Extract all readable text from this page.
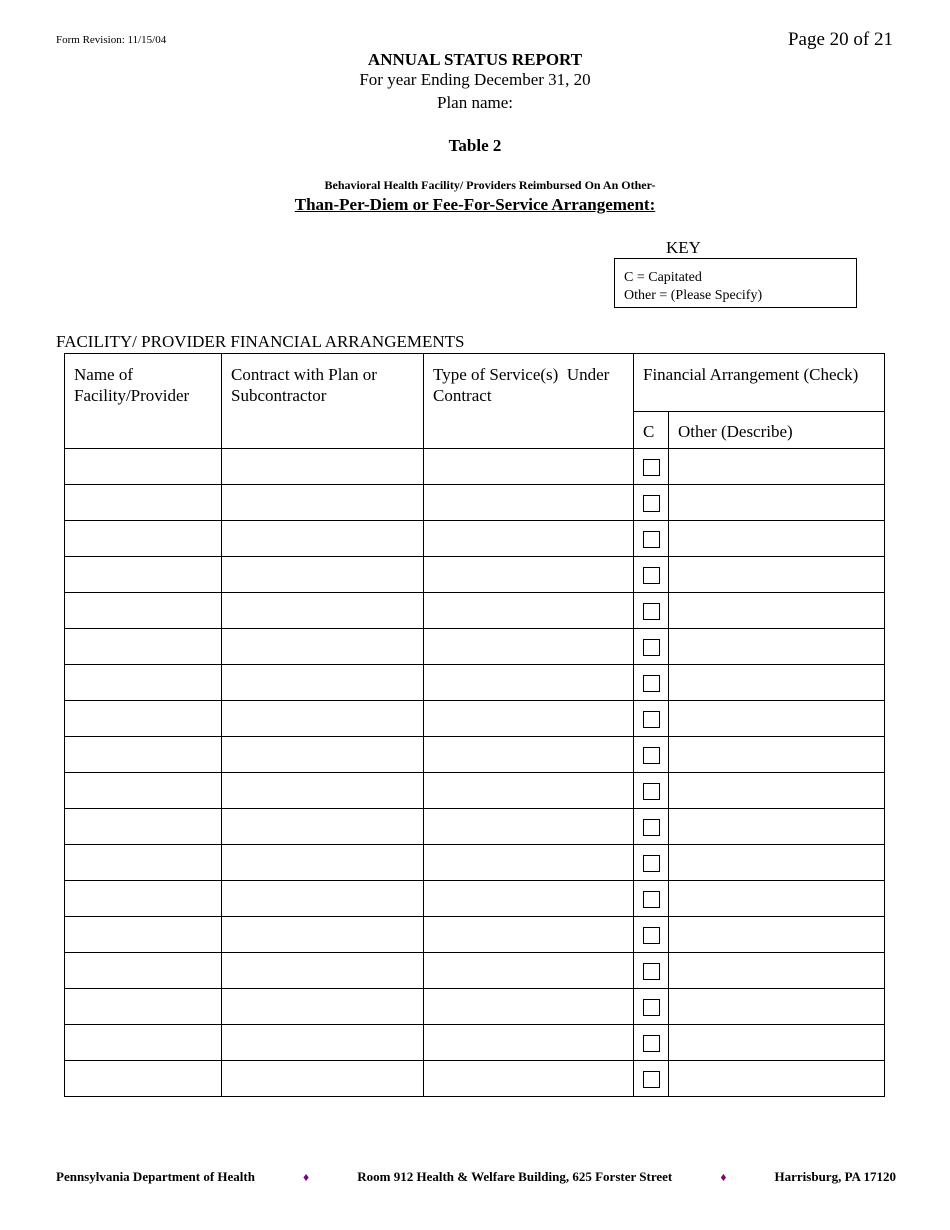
Form Revision: 11/15/04	Page 20 of 21
ANNUAL STATUS REPORT
For year Ending December 31, 20
Plan name:
Table 2
Behavioral Health Facility/ Providers Reimbursed On An Other-
Than-Per-Diem or Fee-For-Service Arrangement:
KEY
C = Capitated
Other = (Please Specify)
FACILITY/ PROVIDER FINANCIAL ARRANGEMENTS
Name of Facility/Provider	Contract with Plan or Subcontractor	Type of Service(s)  Under Contract	Financial Arrangement (Check)	
			C	Other (Describe)

Pennsylvania Department of Health	♦	Room 912 Health & Welfare Building, 625 Forster Street	♦	Harrisburg, PA 17120
